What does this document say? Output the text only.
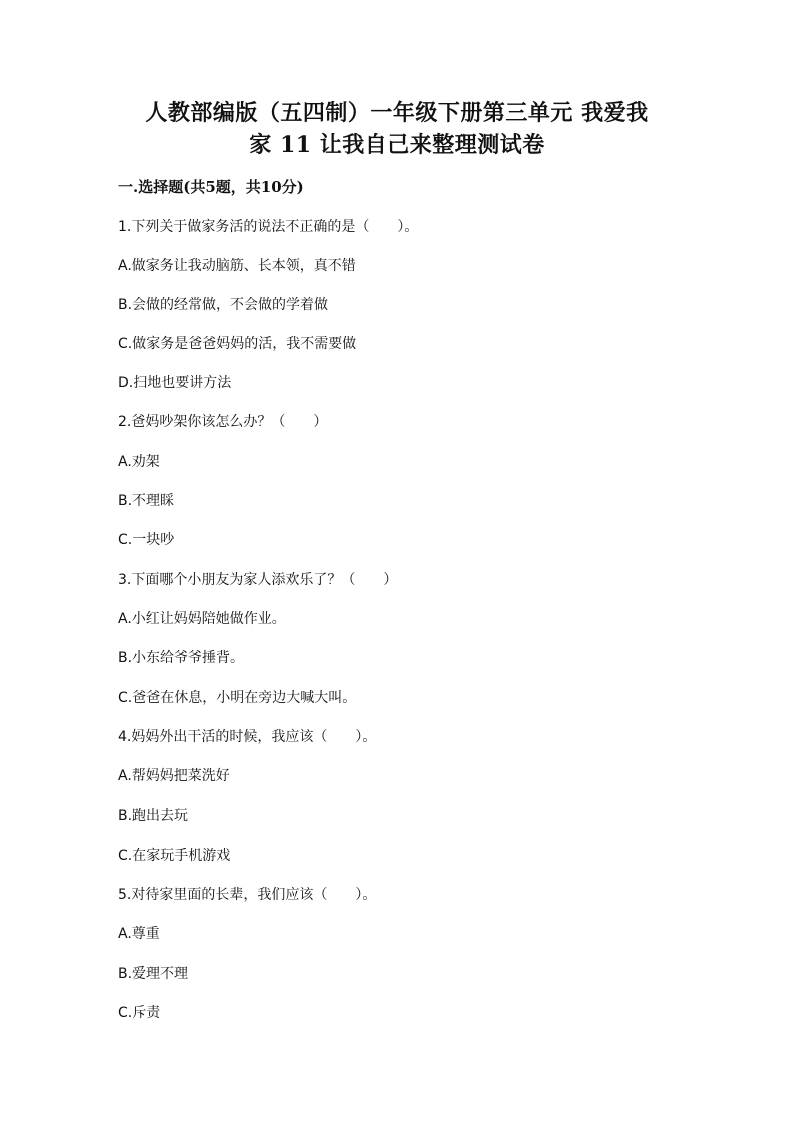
人教部编版（五四制）一年级下册第三单元 我爱我
家 11 让我自己来整理测试卷
一.选择题(共5题，共10分)
1.下列关于做家务活的说法不正确的是（　　）。
A.做家务让我动脑筋、长本领，真不错
B.会做的经常做，不会做的学着做
C.做家务是爸爸妈妈的活，我不需要做
D.扫地也要讲方法
2.爸妈吵架你该怎么办？（　　）
A.劝架
B.不理睬
C.一块吵
3.下面哪个小朋友为家人添欢乐了？（　　）
A.小红让妈妈陪她做作业。
B.小东给爷爷捶背。
C.爸爸在休息，小明在旁边大喊大叫。
4.妈妈外出干活的时候，我应该（　　）。
A.帮妈妈把菜洗好
B.跑出去玩
C.在家玩手机游戏
5.对待家里面的长辈，我们应该（　　）。
A.尊重
B.爱理不理
C.斥责
